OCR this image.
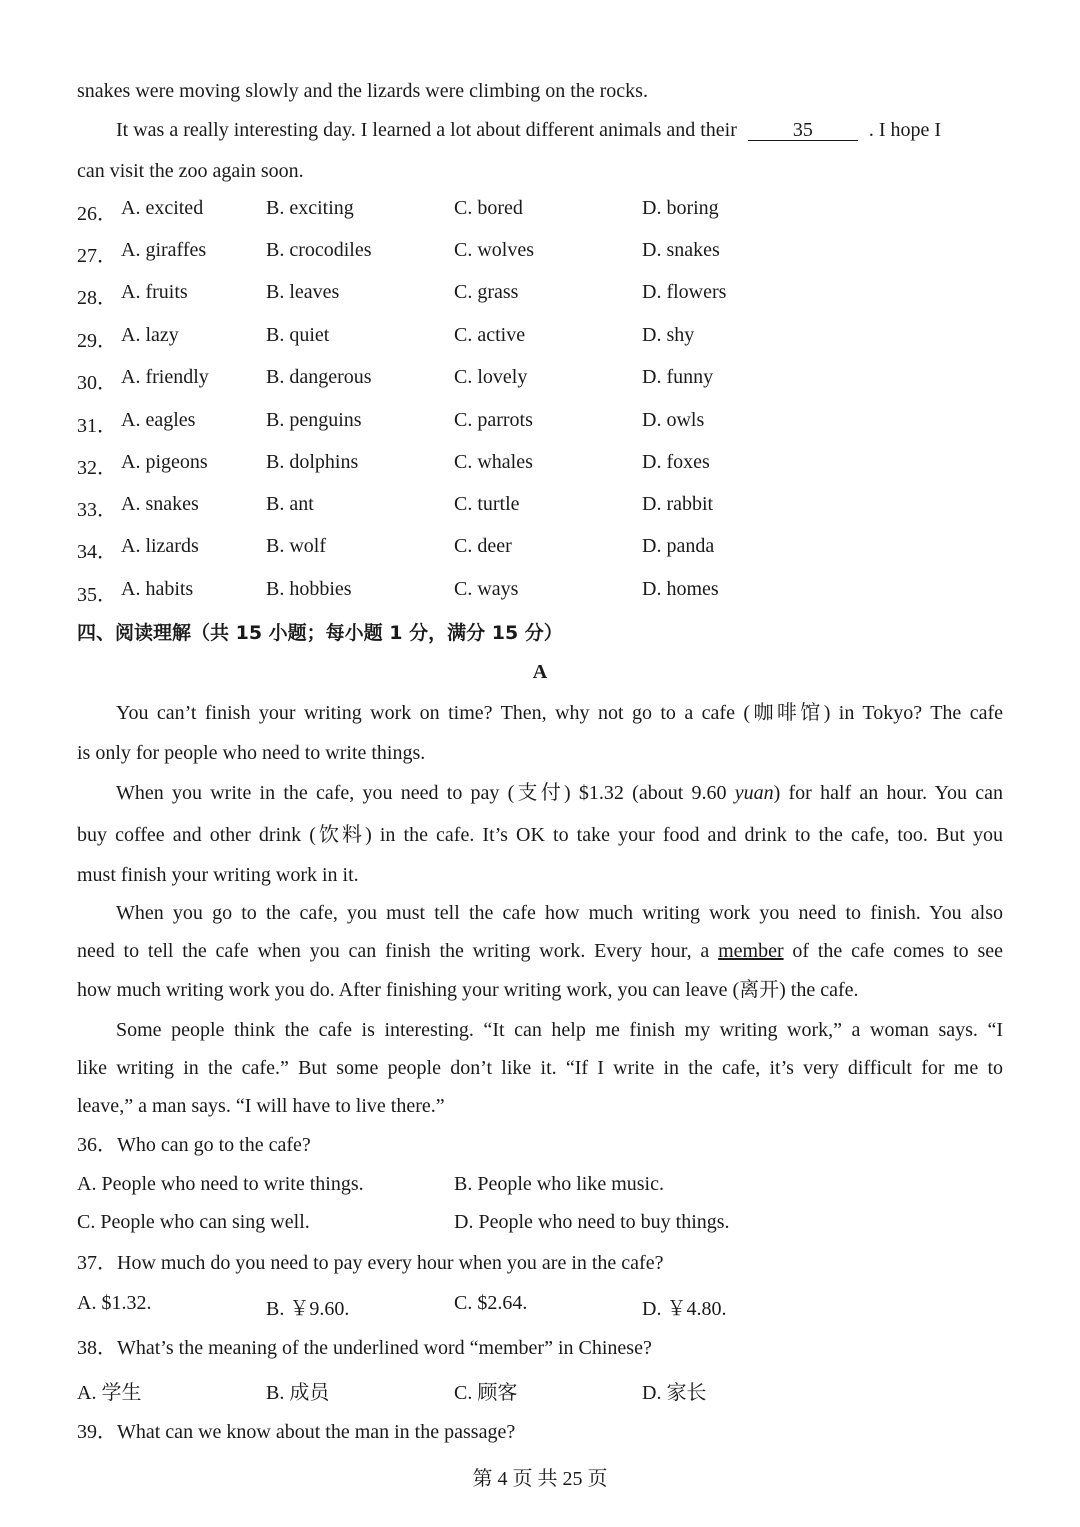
snakes were moving slowly and the lizards were climbing on the rocks.
It was a really interesting day. I learned a lot about different animals and their	35	. I hope I
can visit the zoo again soon.
26． A. excited	B. exciting	C. bored	D. boring
27． A. giraffes	B. crocodiles	C. wolves	D. snakes
28． A. fruits	B. leaves	C. grass	D. flowers
29． A. lazy	B. quiet	C. active	D. shy
30． A. friendly	B. dangerous	C. lovely	D. funny
31． A. eagles	B. penguins	C. parrots	D. owls
32． A. pigeons	B. dolphins	C. whales	D. foxes
33． A. snakes	B. ant	C. turtle	D. rabbit
34． A. lizards	B. wolf	C. deer	D. panda
35． A. habits	B. hobbies	C. ways	D. homes
四、阅读理解（共 15 小题；每小题 1 分，满分 15 分）
A
You can’t finish your writing work on time? Then, why not go to a cafe (咖啡馆) in Tokyo? The cafe
is only for people who need to write things.
When you write in the cafe, you need to pay (支付) $1.32 (about 9.60 yuan) for half an hour. You can
buy coffee and other drink (饮料) in the cafe. It’s OK to take your food and drink to the cafe, too. But you
must finish your writing work in it.
When you go to the cafe, you must tell the cafe how much writing work you need to finish. You also
need to tell the cafe when you can finish the writing work. Every hour, a member of the cafe comes to see
how much writing work you do. After finishing your writing work, you can leave (离开) the cafe.
Some people think the cafe is interesting. “It can help me finish my writing work,” a woman says. “I
like writing in the cafe.” But some people don’t like it. “If I write in the cafe, it’s very difficult for me to
leave,” a man says. “I will have to live there.”
36．Who can go to the cafe?
A. People who need to write things.	B. People who like music.
C. People who can sing well.	D. People who need to buy things.
37．How much do you need to pay every hour when you are in the cafe?
A. $1.32.	B. ￥9.60.	C. $2.64.	D. ￥4.80.
38．What’s the meaning of the underlined word “member” in Chinese?
A. 学生	B. 成员	C. 顾客	D. 家长
39．What can we know about the man in the passage?
第 4 页 共 25 页
